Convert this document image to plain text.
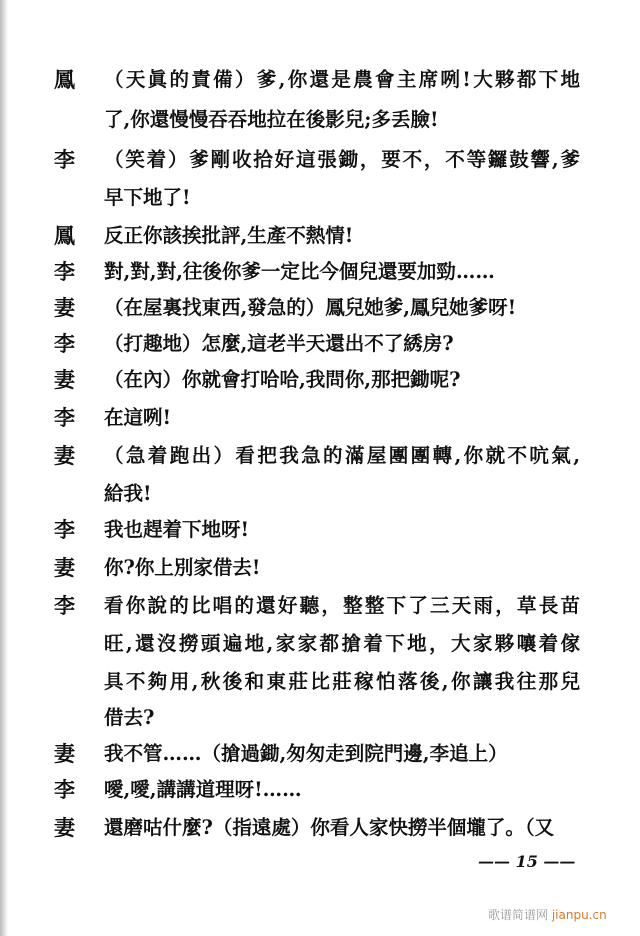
鳳 （天眞的責備）爹,你還是農會主席咧!大夥都下地
了,你還慢慢吞吞地拉在後影兒;多丢臉!
李 （笑着）爹剛收拾好這張鋤，要不，不等鑼鼓響,爹
早下地了!
鳳 反正你該挨批評,生產不熱情!
李 對,對,對,往後你爹一定比今個兒還要加勁……
妻 （在屋裏找東西,發急的）鳳兒她爹,鳳兒她爹呀!
李 （打趣地）怎麼,這老半天還出不了綉房?
妻 （在內）你就會打哈哈,我問你,那把鋤呢?
李 在這咧!
妻 （急着跑出）看把我急的滿屋團團轉,你就不吭氣,
給我!
李 我也趕着下地呀!
妻 你?你上別家借去!
李 看你說的比唱的還好聽，整整下了三天雨，草長苗
旺,還沒撈頭遍地,家家都搶着下地，大家夥嚷着傢
具不夠用,秋後和東莊比莊稼怕落後,你讓我往那兒
借去?
妻 我不管……（搶過鋤,匆匆走到院門邊,李追上）
李 噯,噯,講講道理呀!……
妻 還磨咕什麼?（指遠處）你看人家快撈半個壠了。（又
—— 15 ——
歌谱简谱网 jianpu.cn
